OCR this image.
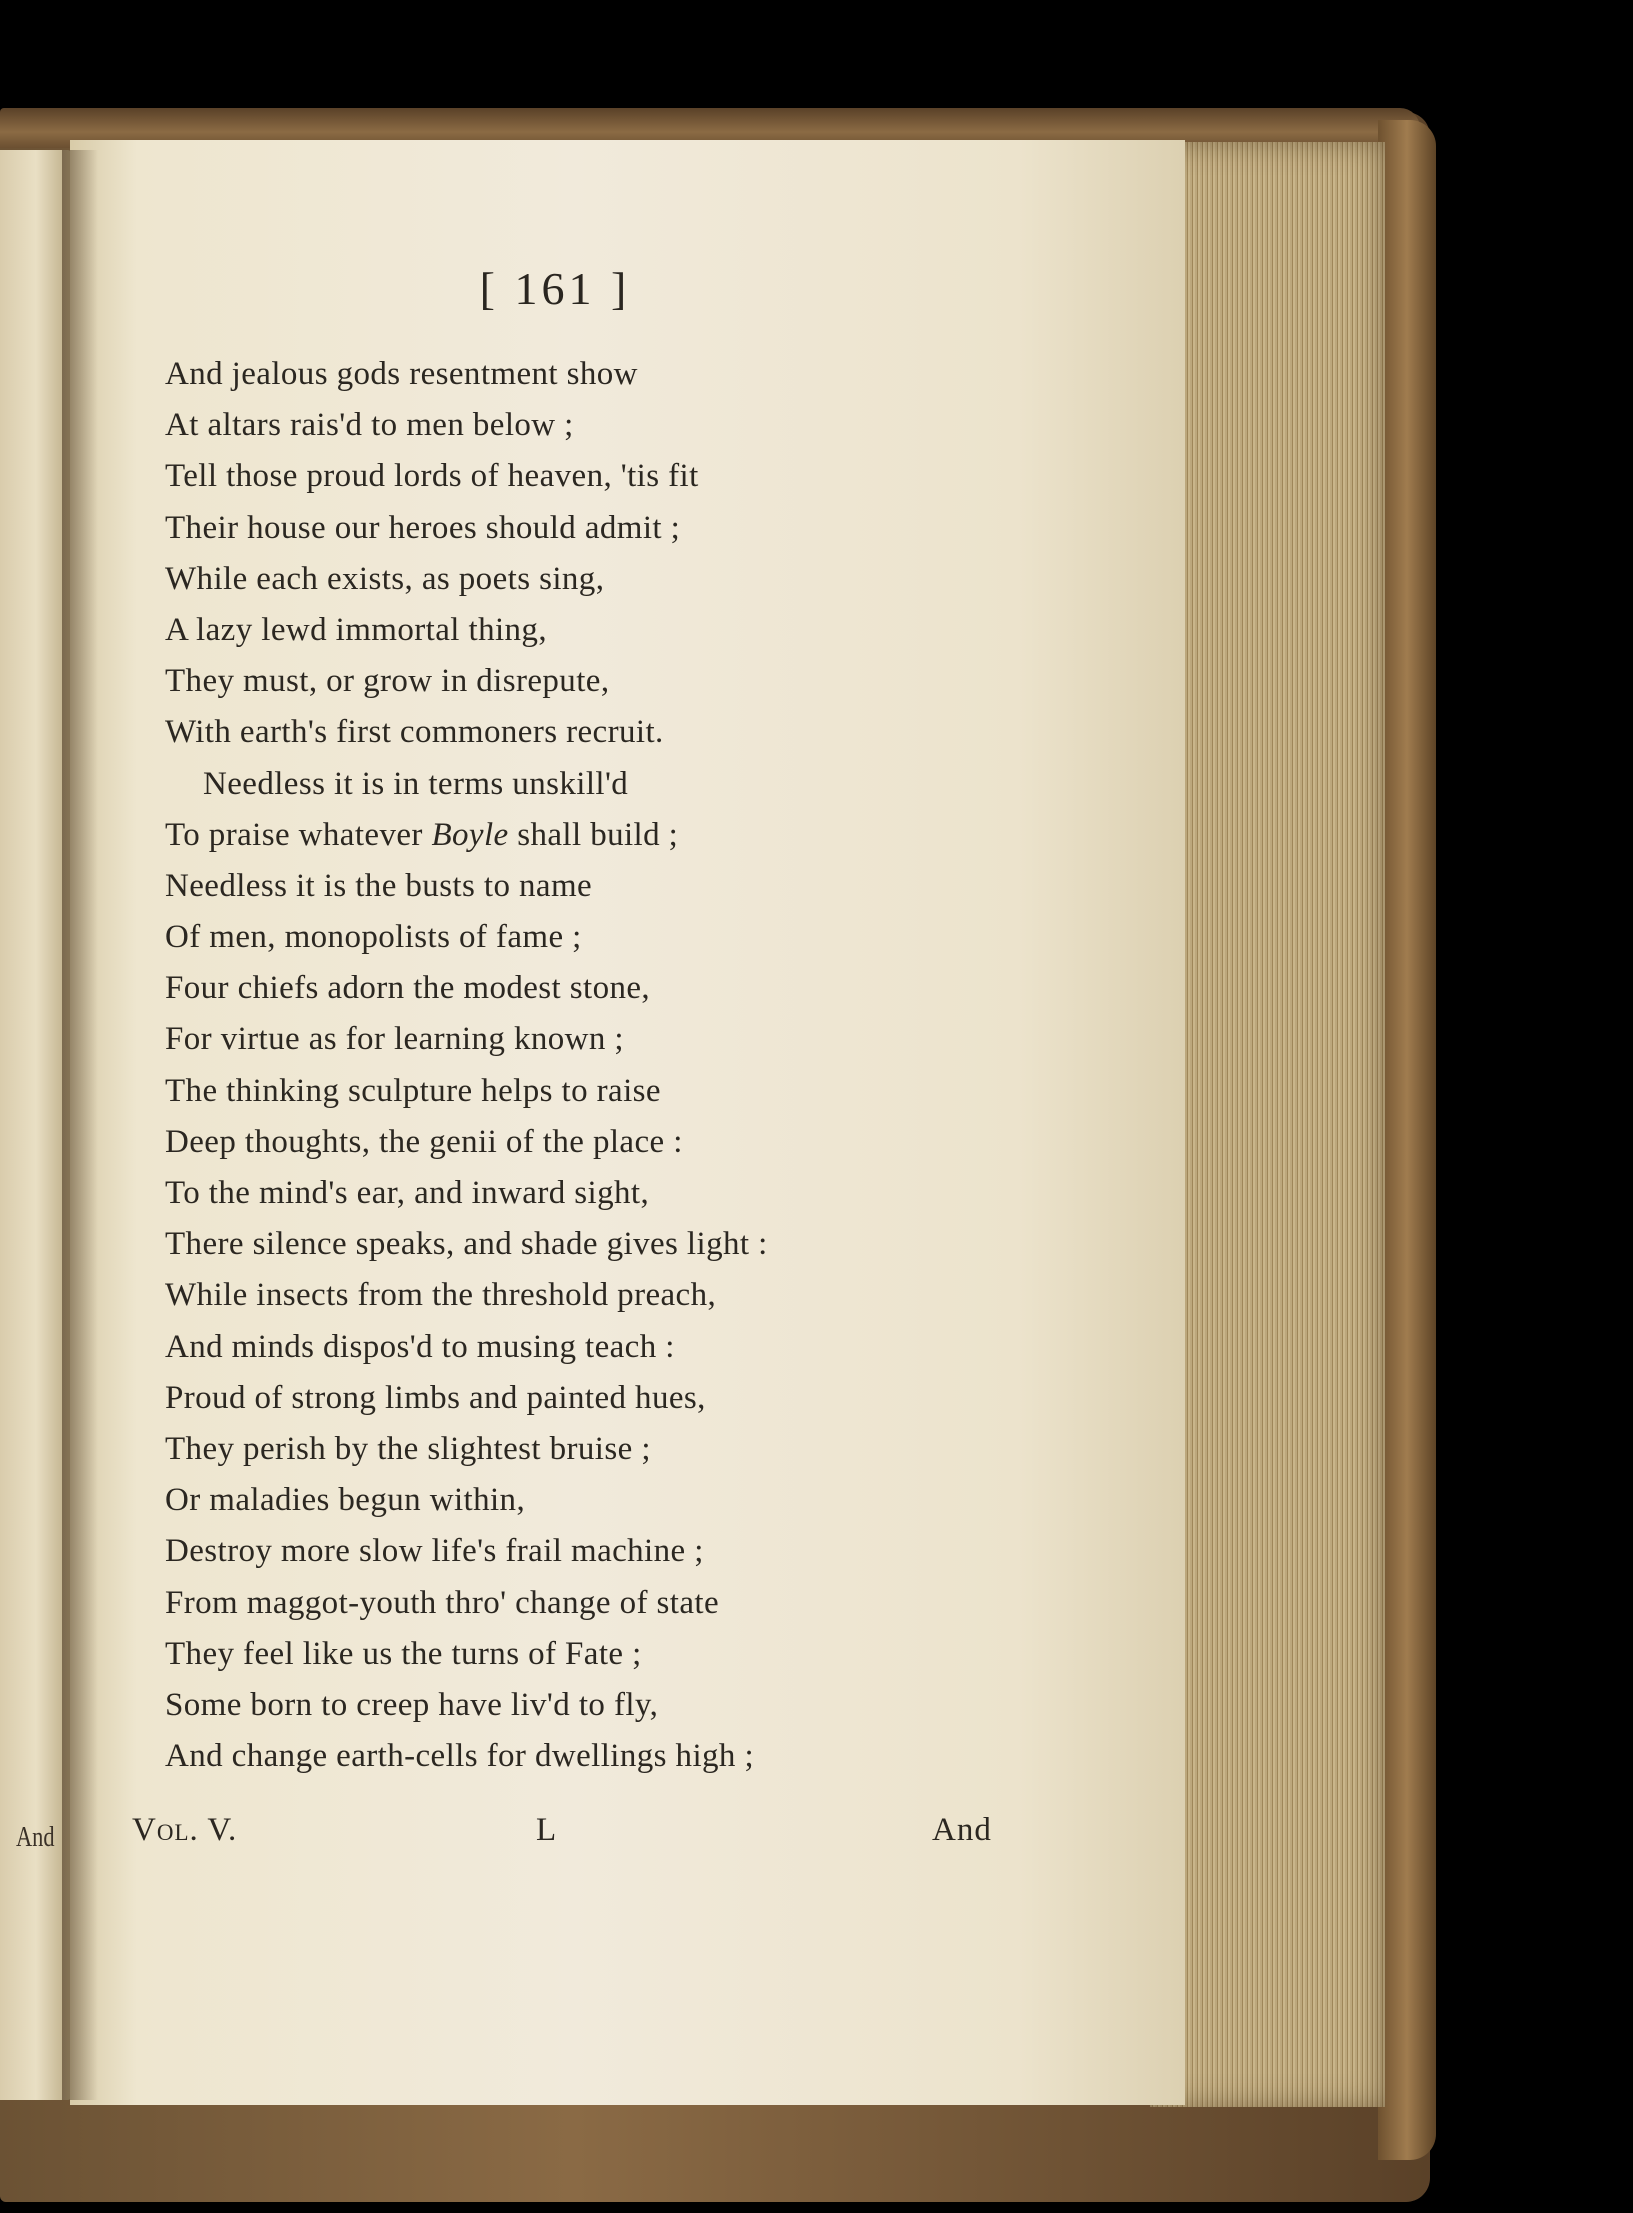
[ 161 ]
And jealous gods resentment show
At altars rais'd to men below ;
Tell those proud lords of heaven, 'tis fit
Their house our heroes should admit ;
While each exists, as poets sing,
A lazy lewd immortal thing,
They must, or grow in disrepute,
With earth's first commoners recruit.
Needless it is in terms unskill'd
To praise whatever Boyle shall build ;
Needless it is the busts to name
Of men, monopolists of fame ;
Four chiefs adorn the modest stone,
For virtue as for learning known ;
The thinking sculpture helps to raise
Deep thoughts, the genii of the place :
To the mind's ear, and inward sight,
There silence speaks, and shade gives light :
While insects from the threshold preach,
And minds dispos'd to musing teach :
Proud of strong limbs and painted hues,
They perish by the slightest bruise ;
Or maladies begun within,
Destroy more slow life's frail machine ;
From maggot-youth thro' change of state
They feel like us the turns of Fate ;
Some born to creep have liv'd to fly,
And change earth-cells for dwellings high ;
Vol. V.	L	And
And
